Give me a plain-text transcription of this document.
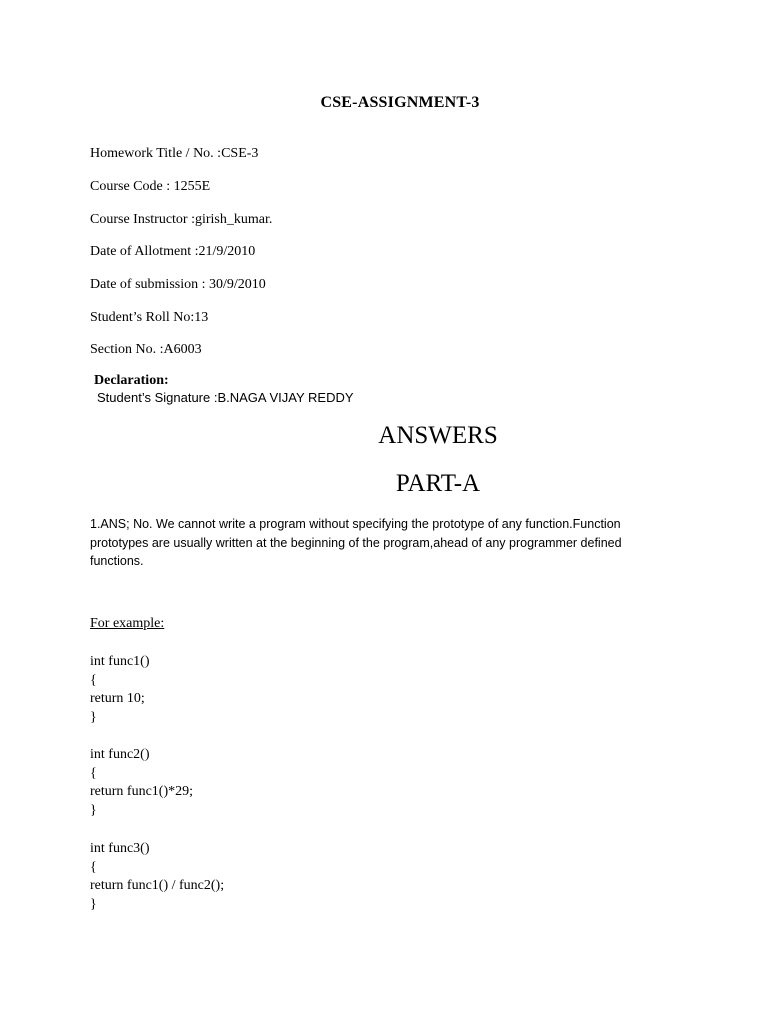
CSE-ASSIGNMENT-3
Homework Title / No. :CSE-3
Course Code : 1255E
Course Instructor :girish_kumar.
Date of Allotment :21/9/2010
Date of submission : 30/9/2010
Student’s Roll No:13
Section No. :A6003
Declaration:
Student’s Signature :B.NAGA VIJAY REDDY
ANSWERS
PART-A
1.ANS; No. We cannot write a program without specifying the prototype of any function.Function prototypes are usually written at the beginning of the program,ahead of any programmer defined functions.
For example:
int func1()
{
return 10;
}
int func2()
{
return func1()*29;
}
int func3()
{
return func1() / func2();
}
